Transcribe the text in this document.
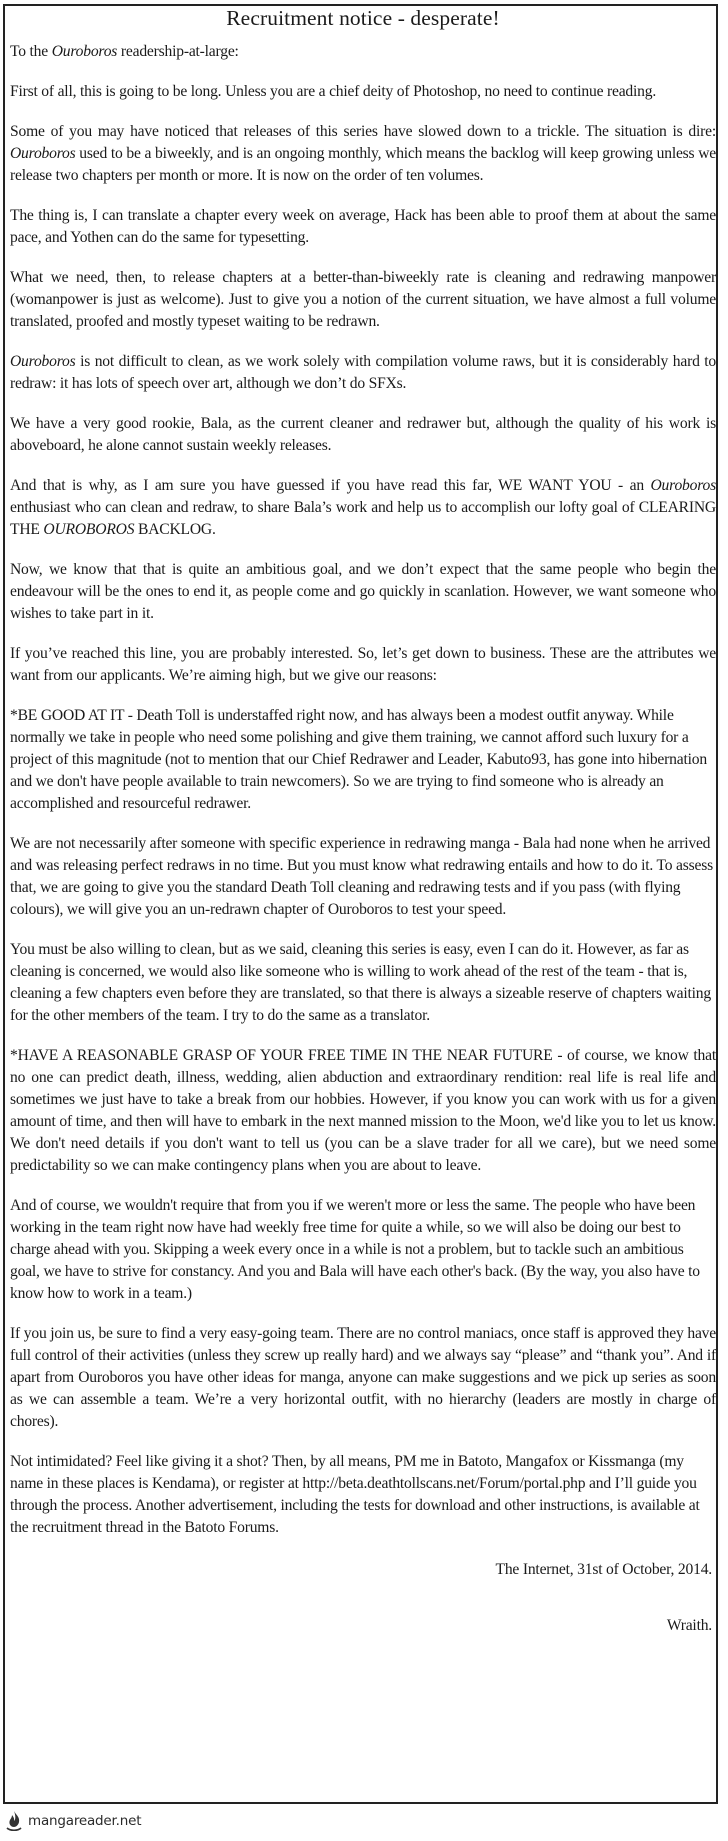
Recruitment notice - desperate!

To the Ouroboros readership-at-large:

First of all, this is going to be long. Unless you are a chief deity of Photoshop, no need to continue reading.

Some of you may have noticed that releases of this series have slowed down to a trickle. The situation is dire: Ouroboros used to be a biweekly, and is an ongoing monthly, which means the backlog will keep growing unless we release two chapters per month or more. It is now on the order of ten volumes.

The thing is, I can translate a chapter every week on average, Hack has been able to proof them at about the same pace, and Yothen can do the same for typesetting.

What we need, then, to release chapters at a better-than-biweekly rate is cleaning and redrawing manpower (womanpower is just as welcome). Just to give you a notion of the current situation, we have almost a full volume translated, proofed and mostly typeset waiting to be redrawn.

Ouroboros is not difficult to clean, as we work solely with compilation volume raws, but it is considerably hard to redraw: it has lots of speech over art, although we don’t do SFXs.

We have a very good rookie, Bala, as the current cleaner and redrawer but, although the quality of his work is aboveboard, he alone cannot sustain weekly releases.

And that is why, as I am sure you have guessed if you have read this far, WE WANT YOU - an Ouroboros enthusiast who can clean and redraw, to share Bala’s work and help us to accomplish our lofty goal of CLEARING THE OUROBOROS BACKLOG.

Now, we know that that is quite an ambitious goal, and we don’t expect that the same people who begin the endeavour will be the ones to end it, as people come and go quickly in scanlation. However, we want someone who wishes to take part in it.

If you’ve reached this line, you are probably interested. So, let’s get down to business. These are the attributes we want from our applicants. We’re aiming high, but we give our reasons:

*BE GOOD AT IT - Death Toll is understaffed right now, and has always been a modest outfit anyway. While normally we take in people who need some polishing and give them training, we cannot afford such luxury for a project of this magnitude (not to mention that our Chief Redrawer and Leader, Kabuto93, has gone into hibernation and we don't have people available to train newcomers). So we are trying to find someone who is already an accomplished and resourceful redrawer.

We are not necessarily after someone with specific experience in redrawing manga - Bala had none when he arrived and was releasing perfect redraws in no time. But you must know what redrawing entails and how to do it. To assess that, we are going to give you the standard Death Toll cleaning and redrawing tests and if you pass (with flying colours), we will give you an un-redrawn chapter of Ouroboros to test your speed.

You must be also willing to clean, but as we said, cleaning this series is easy, even I can do it. However, as far as cleaning is concerned, we would also like someone who is willing to work ahead of the rest of the team - that is, cleaning a few chapters even before they are translated, so that there is always a sizeable reserve of chapters waiting for the other members of the team. I try to do the same as a translator.

*HAVE A REASONABLE GRASP OF YOUR FREE TIME IN THE NEAR FUTURE - of course, we know that no one can predict death, illness, wedding, alien abduction and extraordinary rendition: real life is real life and sometimes we just have to take a break from our hobbies. However, if you know you can work with us for a given amount of time, and then will have to embark in the next manned mission to the Moon, we'd like you to let us know. We don't need details if you don't want to tell us (you can be a slave trader for all we care), but we need some predictability so we can make contingency plans when you are about to leave.

And of course, we wouldn't require that from you if we weren't more or less the same. The people who have been working in the team right now have had weekly free time for quite a while, so we will also be doing our best to charge ahead with you. Skipping a week every once in a while is not a problem, but to tackle such an ambitious goal, we have to strive for constancy. And you and Bala will have each other's back. (By the way, you also have to know how to work in a team.)

If you join us, be sure to find a very easy-going team. There are no control maniacs, once staff is approved they have full control of their activities (unless they screw up really hard) and we always say “please” and “thank you”. And if apart from Ouroboros you have other ideas for manga, anyone can make suggestions and we pick up series as soon as we can assemble a team. We’re a very horizontal outfit, with no hierarchy (leaders are mostly in charge of chores).

Not intimidated? Feel like giving it a shot? Then, by all means, PM me in Batoto, Mangafox or Kissmanga (my name in these places is Kendama), or register at http://beta.deathtollscans.net/Forum/portal.php and I’ll guide you through the process. Another advertisement, including the tests for download and other instructions, is available at the recruitment thread in the Batoto Forums.

The Internet, 31st of October, 2014.

Wraith.

mangareader.net
